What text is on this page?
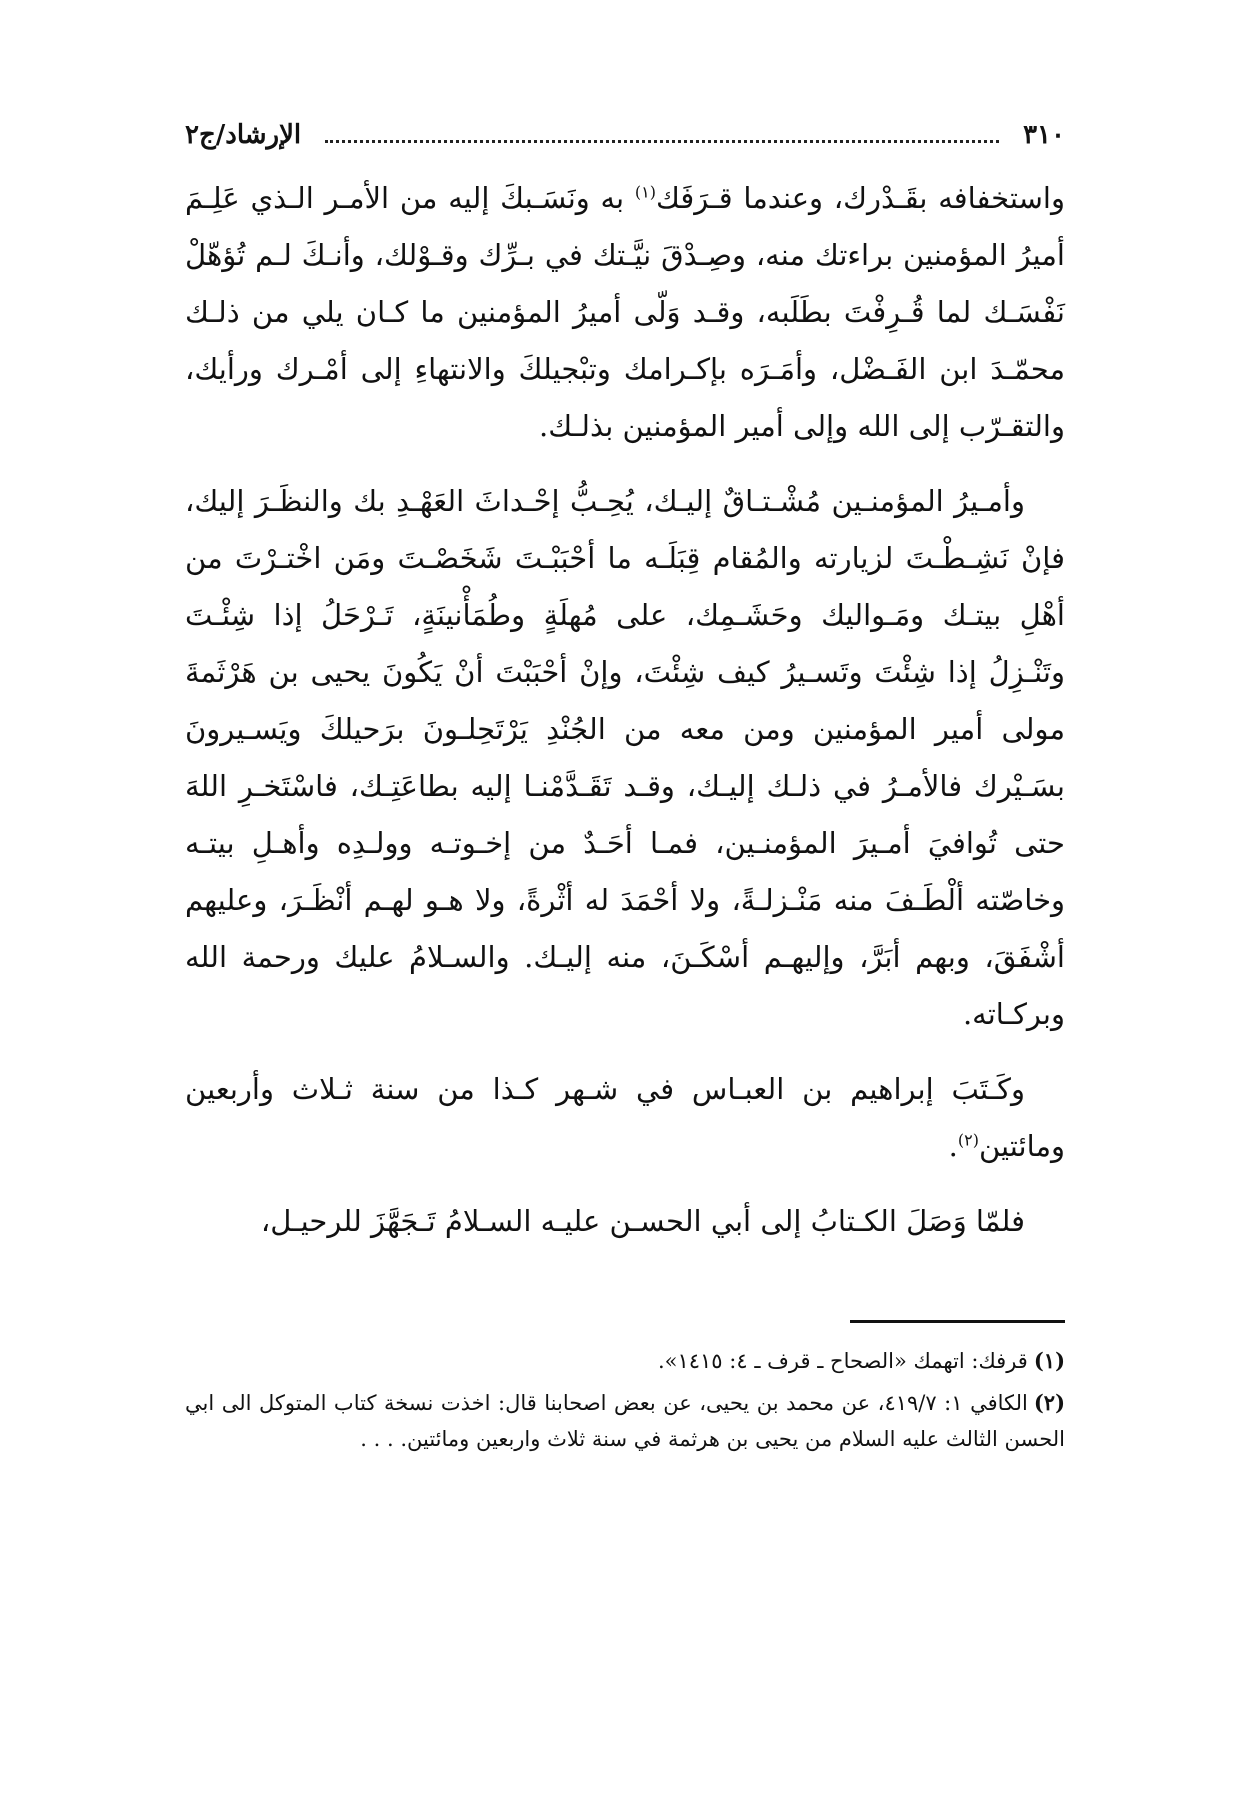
٣١٠
الإرشاد/ج٢

واستخفافه بقَـدْرك، وعندما قـرَفَك$^{(١)}$ به ونَسَـبكَ إليه من الأمـر الـذي عَلِـمَ أميرُ المؤمنين براءتك منه، وصِـدْقَ نيَّـتك في بـرِّك وقـوْلك، وأنـكَ لـم تُؤهّلْ نَفْسَـك لما قُـرِفْتَ بطَلَبه، وقـد وَلّى أميرُ المؤمنين ما كـان يلي من ذلـك محمّـدَ ابن الفَـضْل، وأمَـرَه بإكـرامك وتبْجيلكَ والانتهاءِ إلى أمْـرك ورأيك، والتقـرّب إلى الله وإلى أمير المؤمنين بذلـك.

وأمـيرُ المؤمنـين مُشْـتـاقٌ إليـك، يُحِـبُّ إحْـداثَ العَهْـدِ بك والنظَـرَ إليك، فإنْ نَشِـطْـتَ لزيارته والمُقام قِبَلَـه ما أحْبَبْـتَ شَخَصْـتَ ومَن اخْتـرْتَ من أهْلِ بيتـك ومَـواليك وحَشَـمِك، على مُهلَةٍ وطُمَأْنينَةٍ، تَـرْحَلُ إذا شِئْـتَ وتَنْـزِلُ إذا شِئْتَ وتَسـيرُ كيف شِئْتَ، وإنْ أحْبَبْتَ أنْ يَكُونَ يحيى بن هَرْثَمةَ مولى أمير المؤمنين ومن معه من الجُنْدِ يَرْتَحِلـونَ برَحيلكَ ويَسـيرونَ بسَـيْرك فالأمـرُ في ذلـك إليـك، وقـد تَقَـدَّمْنـا إليه بطاعَتِـك، فاسْتَخـرِ اللهَ حتى تُوافيَ أمـيرَ المؤمنـين، فمـا أحَـدٌ من إخـوتـه وولـدِه وأهـلِ بيتـه وخاصّته ألْطَـفَ منه مَنْـزلـةً، ولا أحْمَدَ له أثْرةً، ولا هـو لهـم أنْظَـرَ، وعليهم أشْفَقَ، وبهم أبَرَّ، وإليهـم أسْكَـنَ، منه إليـك. والسـلامُ عليك ورحمة الله وبركـاته.

وكَـتَبَ إبراهيم بن العبـاس في شـهر كـذا من سنة ثـلاث وأربعين ومائتين$^{(٢)}$.

فلمّا وَصَلَ الكـتابُ إلى أبي الحسـن عليـه السـلامُ تَـجَهَّزَ للرحيـل،

(١)قرفك: اتهمك «الصحاح ـ قرف ـ ٤: ١٤١٥».

(٢)الكافي ١: ٤١٩/٧، عن محمد بن يحيى، عن بعض اصحابنا قال: اخذت نسخة كتاب المتوكل الى ابي الحسن الثالث عليه السلام من يحيى بن هرثمة في سنة ثلاث واربعين ومائتين. . . .
